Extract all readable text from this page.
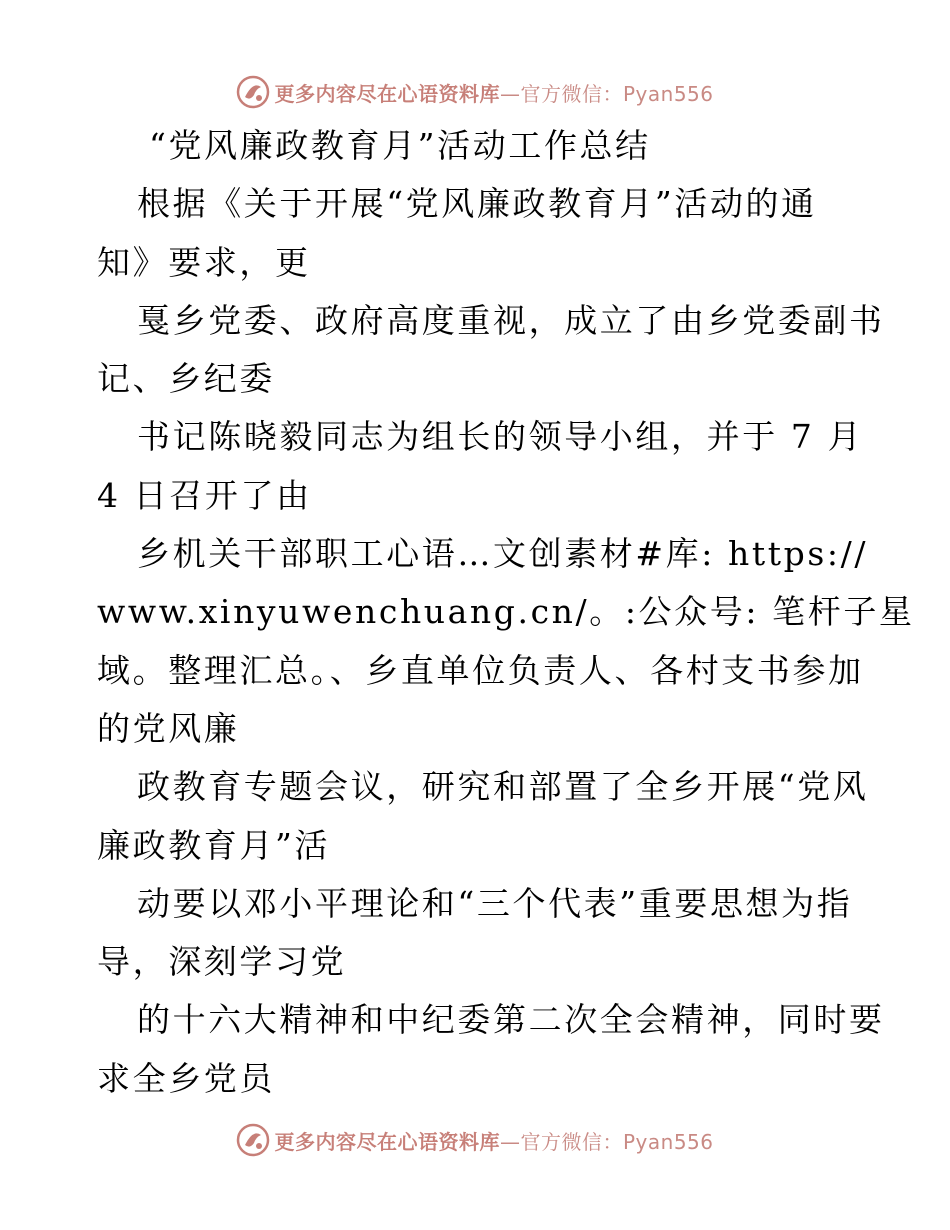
更多内容尽在心语资料库—官方微信：Pyan556
“党风廉政教育月”活动工作总结
根据《关于开展“党风廉政教育月”活动的通
知》要求，更
戛乡党委、政府高度重视，成立了由乡党委副书
记、乡纪委
书记陈晓毅同志为组长的领导小组，并于 7 月
4 日召开了由
乡机关干部职工心语…文创素材#库: https://
www.xinyuwenchuang.cn/。:公众号: 笔杆子星
域。整理汇总。、乡直单位负责人、各村支书参加
的党风廉
政教育专题会议，研究和部置了全乡开展“党风
廉政教育月”活
动要以邓小平理论和“三个代表”重要思想为指
导，深刻学习党
的十六大精神和中纪委第二次全会精神，同时要
求全乡党员
更多内容尽在心语资料库—官方微信：Pyan556
